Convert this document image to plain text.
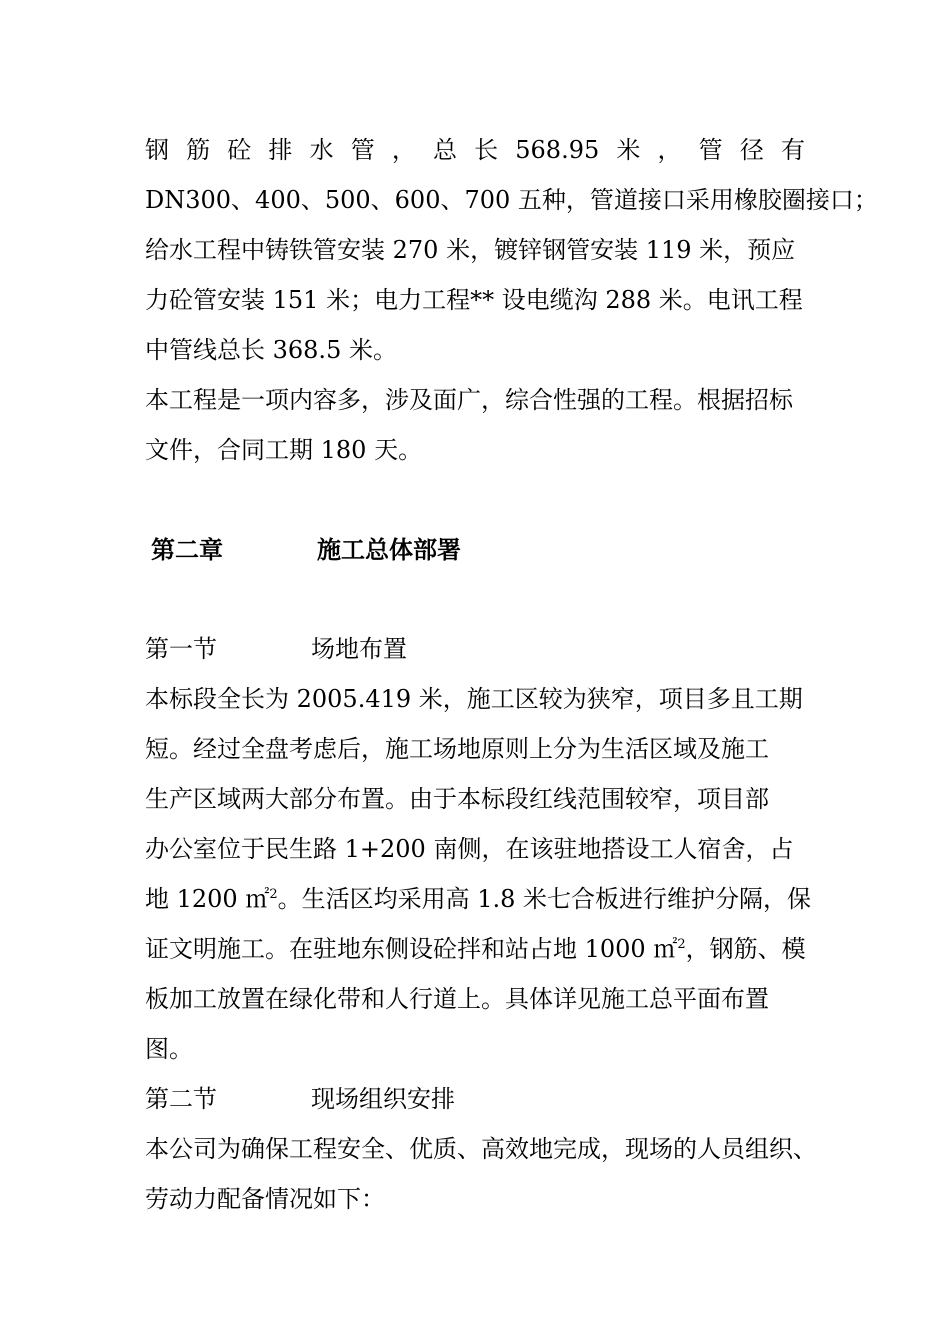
钢 筋 砼 排 水 管 ， 总 长 568.95 米 ， 管 径 有
DN300、400、500、600、700 五种，管道接口采用橡胶圈接口；
给水工程中铸铁管安装 270 米，镀锌钢管安装 119 米，预应
力砼管安装 151 米；电力工程** 设电缆沟 288 米。电讯工程
中管线总长 368.5 米。
本工程是一项内容多，涉及面广，综合性强的工程。根据招标
文件，合同工期 180 天。
第二章	施工总体部署
第一节	场地布置
本标段全长为 2005.419 米，施工区较为狭窄，项目多且工期
短。经过全盘考虑后，施工场地原则上分为生活区域及施工
生产区域两大部分布置。由于本标段红线范围较窄，项目部
办公室位于民生路 1+200 南侧，在该驻地搭设工人宿舍，占
地 1200 ㎡$^2$。生活区均采用高 1.8 米七合板进行维护分隔，保
证文明施工。在驻地东侧设砼拌和站占地 1000 ㎡$^2$，钢筋、模
板加工放置在绿化带和人行道上。具体详见施工总平面布置
图。
第二节	现场组织安排
本公司为确保工程安全、优质、高效地完成，现场的人员组织、
劳动力配备情况如下：
